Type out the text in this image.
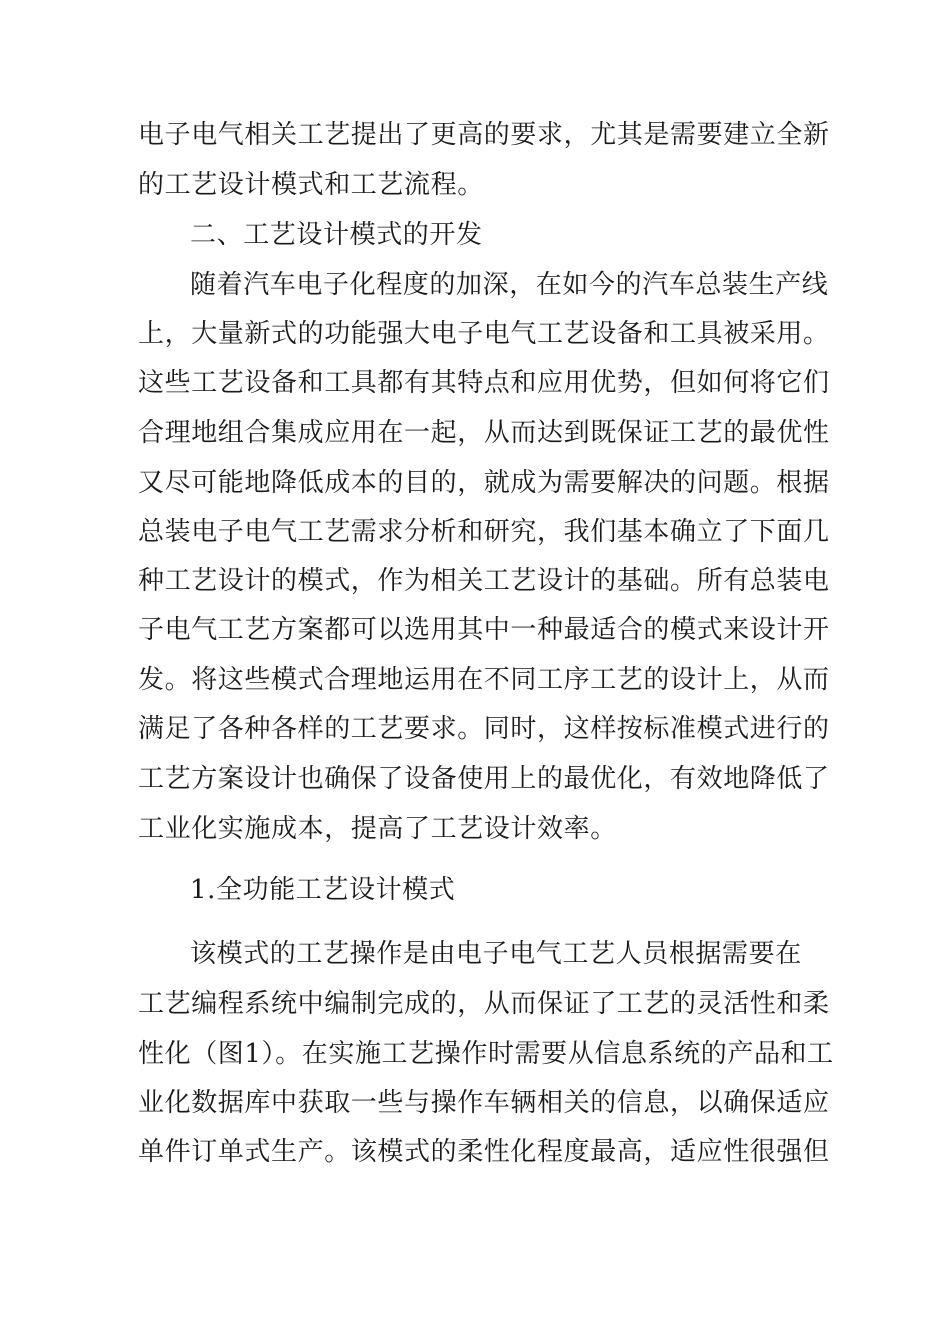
电子电气相关工艺提出了更高的要求，尤其是需要建立全新

的工艺设计模式和工艺流程。

二、工艺设计模式的开发

随着汽车电子化程度的加深，在如今的汽车总装生产线

上，大量新式的功能强大电子电气工艺设备和工具被采用。

这些工艺设备和工具都有其特点和应用优势，但如何将它们

合理地组合集成应用在一起，从而达到既保证工艺的最优性

又尽可能地降低成本的目的，就成为需要解决的问题。根据

总装电子电气工艺需求分析和研究，我们基本确立了下面几

种工艺设计的模式，作为相关工艺设计的基础。所有总装电

子电气工艺方案都可以选用其中一种最适合的模式来设计开

发。将这些模式合理地运用在不同工序工艺的设计上，从而

满足了各种各样的工艺要求。同时，这样按标准模式进行的

工艺方案设计也确保了设备使用上的最优化，有效地降低了

工业化实施成本，提高了工艺设计效率。

1.全功能工艺设计模式

该模式的工艺操作是由电子电气工艺人员根据需要在

工艺编程系统中编制完成的，从而保证了工艺的灵活性和柔

性化（图1）。在实施工艺操作时需要从信息系统的产品和工

业化数据库中获取一些与操作车辆相关的信息，以确保适应

单件订单式生产。该模式的柔性化程度最高，适应性很强但
